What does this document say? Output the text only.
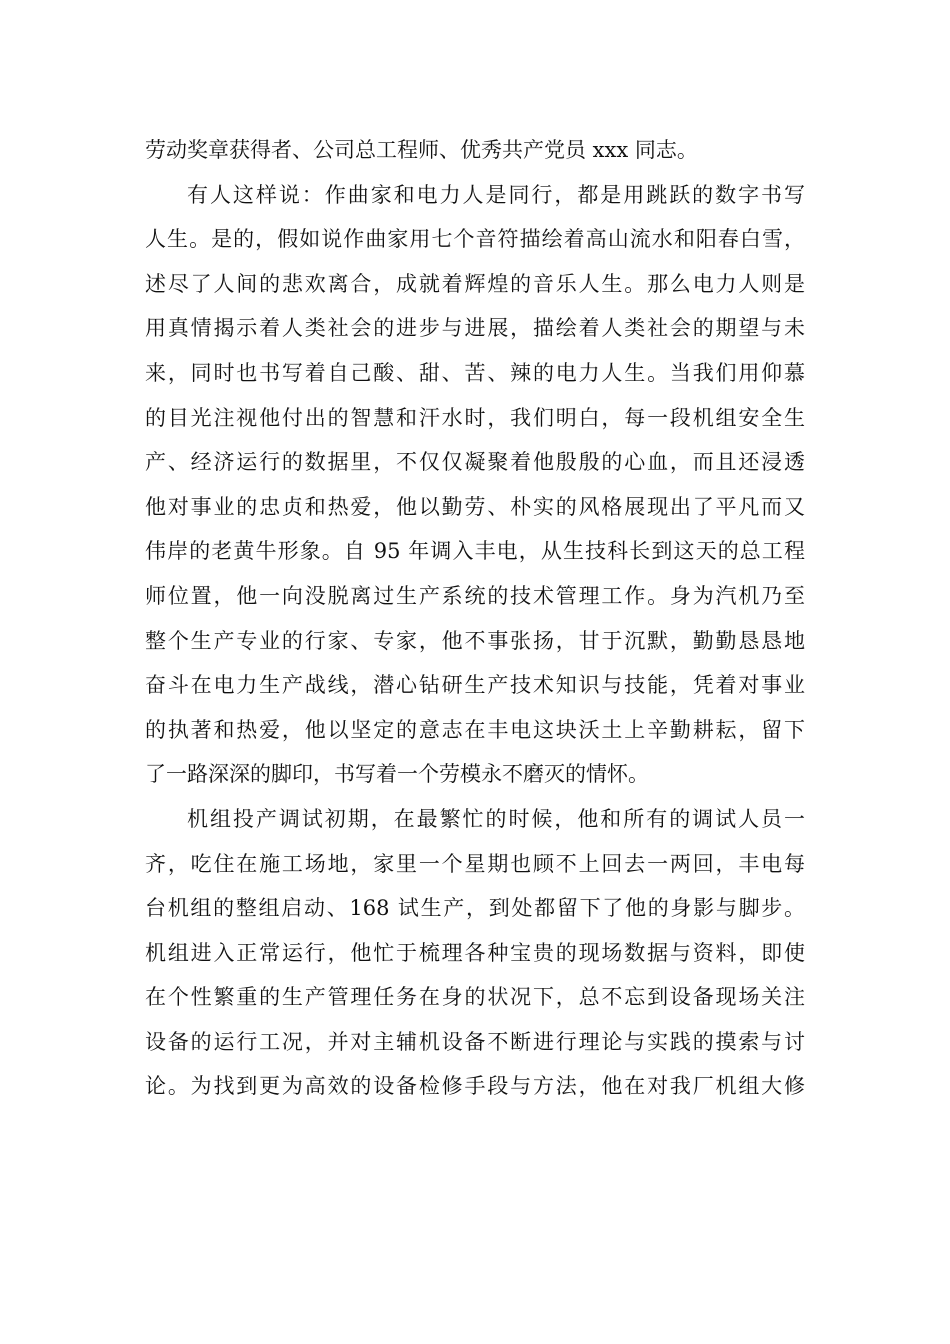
劳动奖章获得者、公司总工程师、优秀共产党员 xxx 同志。
有人这样说：作曲家和电力人是同行，都是用跳跃的数字书写
人生。是的，假如说作曲家用七个音符描绘着高山流水和阳春白雪，
述尽了人间的悲欢离合，成就着辉煌的音乐人生。那么电力人则是
用真情揭示着人类社会的进步与进展，描绘着人类社会的期望与未
来，同时也书写着自己酸、甜、苦、辣的电力人生。当我们用仰慕
的目光注视他付出的智慧和汗水时，我们明白，每一段机组安全生
产、经济运行的数据里，不仅仅凝聚着他殷殷的心血，而且还浸透
他对事业的忠贞和热爱，他以勤劳、朴实的风格展现出了平凡而又
伟岸的老黄牛形象。自 95 年调入丰电，从生技科长到这天的总工程
师位置，他一向没脱离过生产系统的技术管理工作。身为汽机乃至
整个生产专业的行家、专家，他不事张扬，甘于沉默，勤勤恳恳地
奋斗在电力生产战线，潜心钻研生产技术知识与技能，凭着对事业
的执著和热爱，他以坚定的意志在丰电这块沃土上辛勤耕耘，留下
了一路深深的脚印，书写着一个劳模永不磨灭的情怀。
机组投产调试初期，在最繁忙的时候，他和所有的调试人员一
齐，吃住在施工场地，家里一个星期也顾不上回去一两回，丰电每
台机组的整组启动、168 试生产，到处都留下了他的身影与脚步。
机组进入正常运行，他忙于梳理各种宝贵的现场数据与资料，即使
在个性繁重的生产管理任务在身的状况下，总不忘到设备现场关注
设备的运行工况，并对主辅机设备不断进行理论与实践的摸索与讨
论。为找到更为高效的设备检修手段与方法，他在对我厂机组大修
